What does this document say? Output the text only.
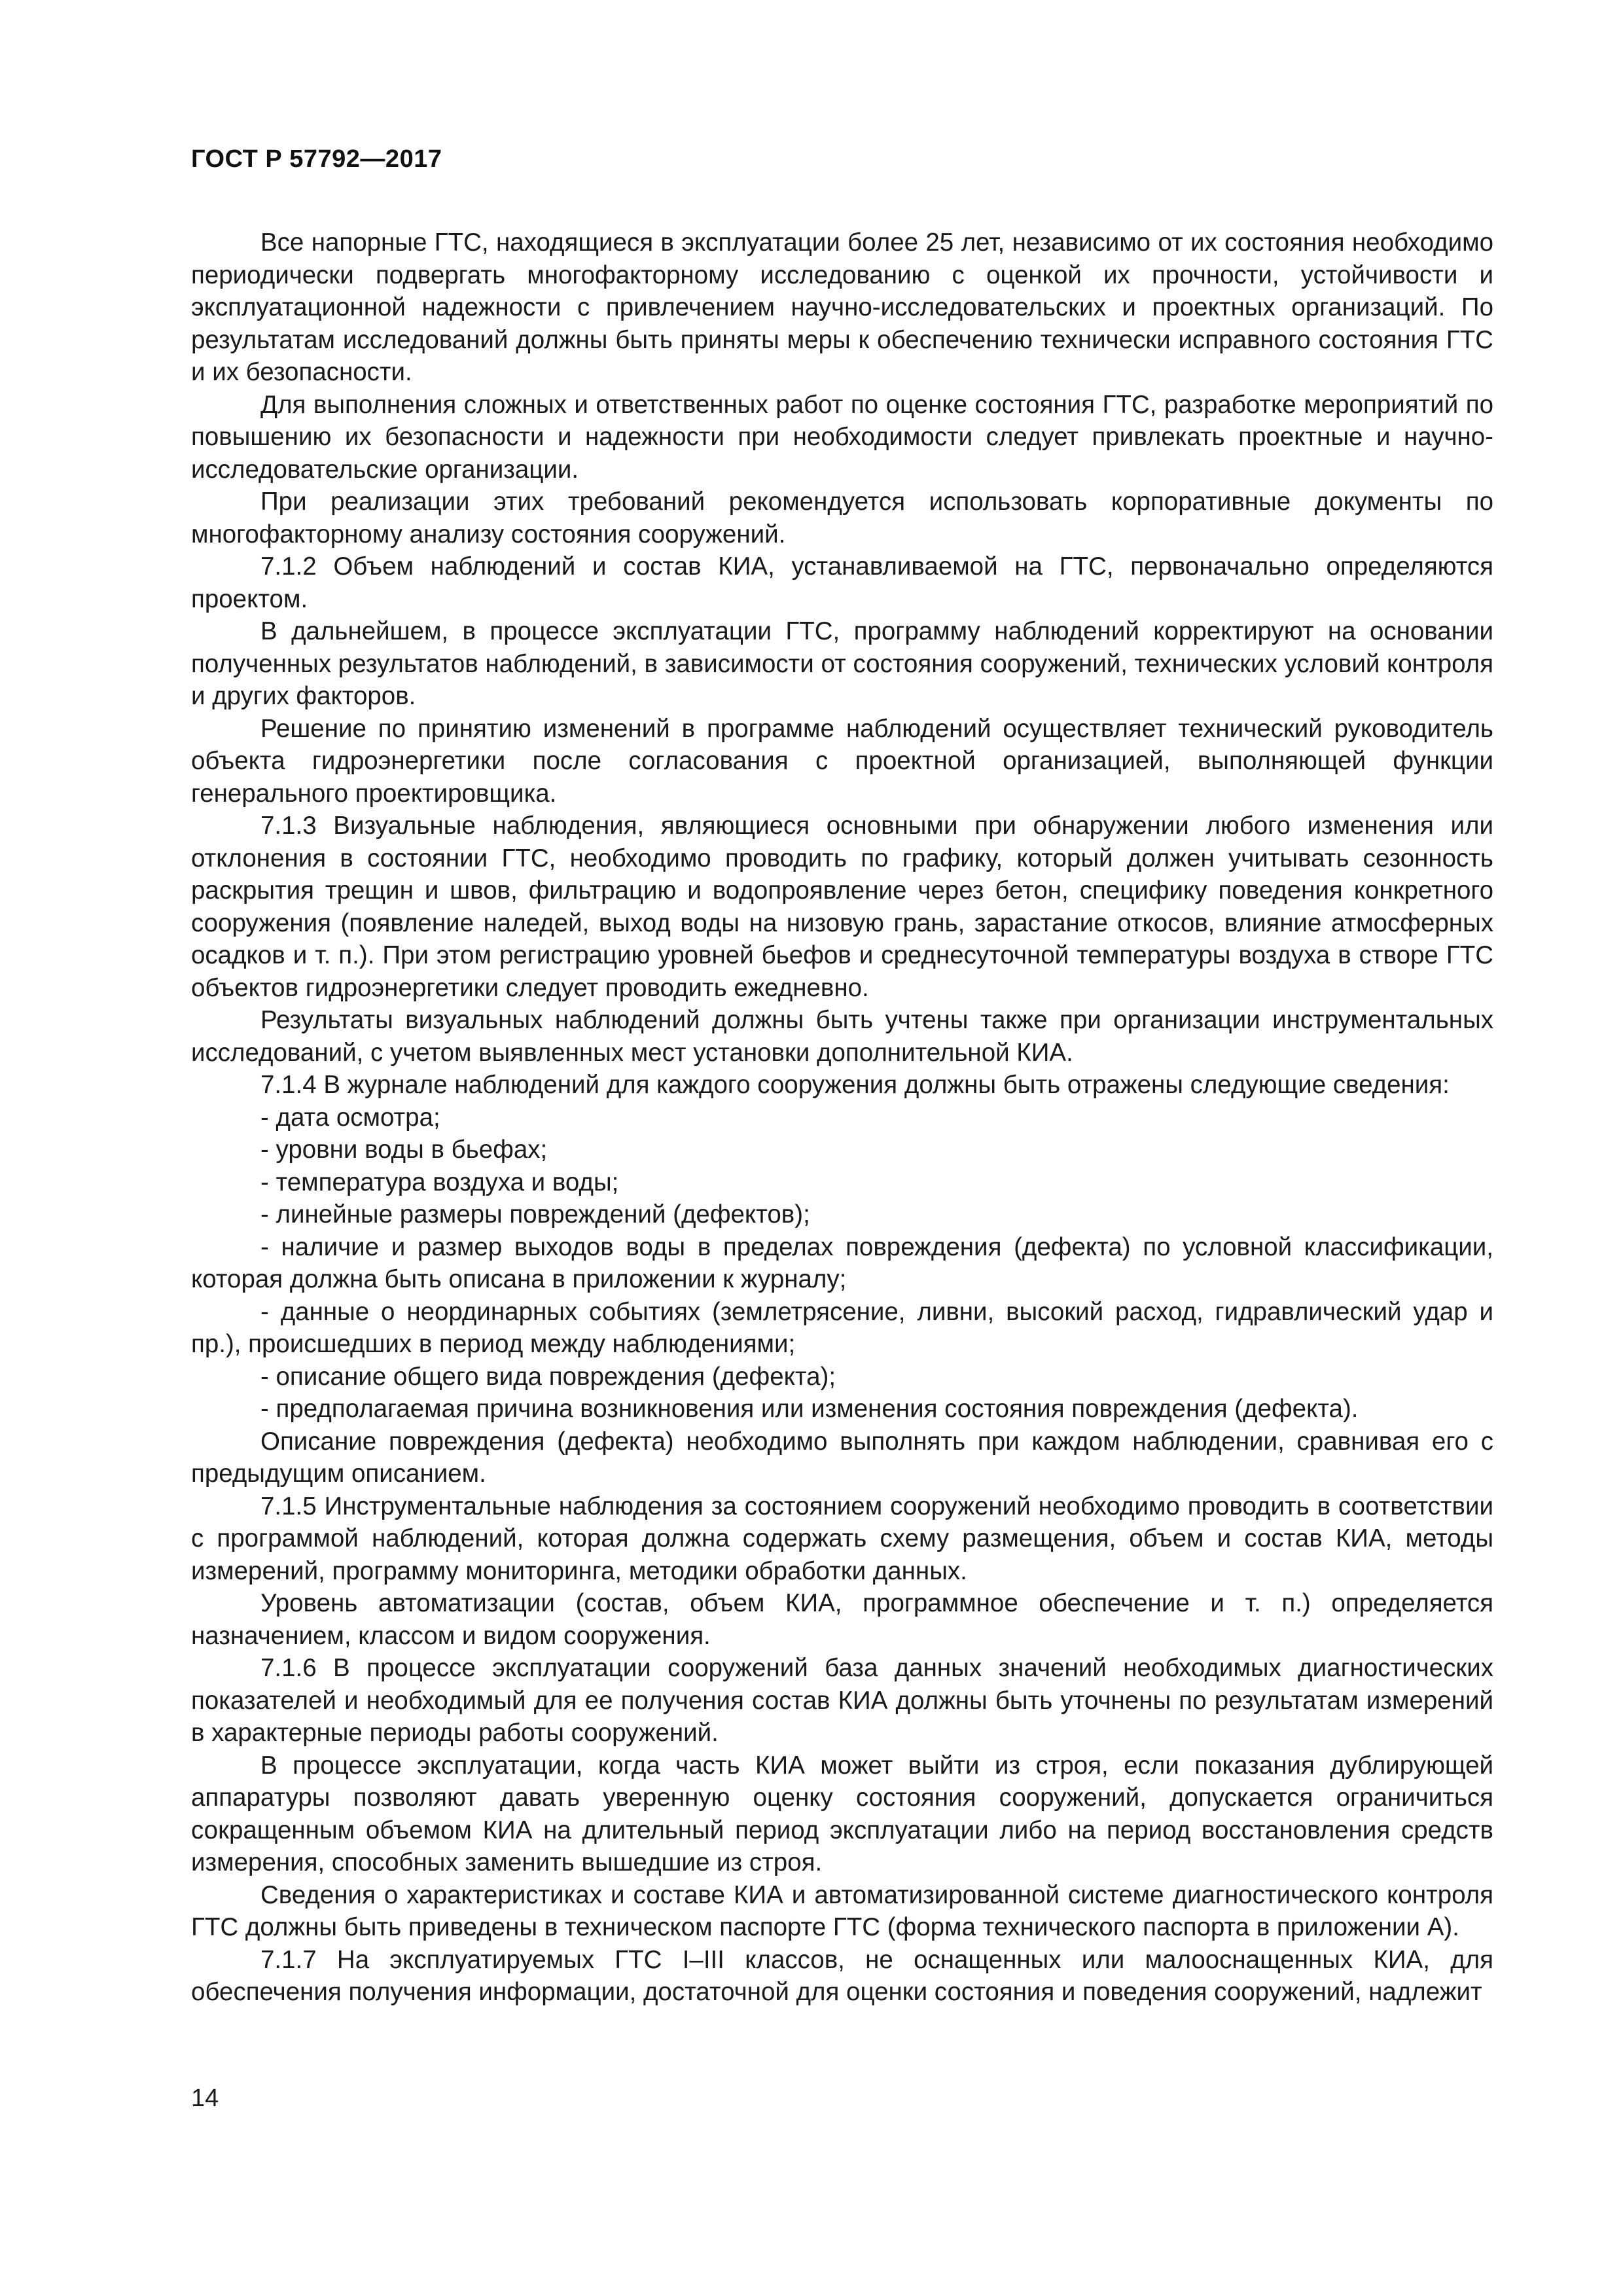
ГОСТ Р 57792—2017

Все напорные ГТС, находящиеся в эксплуатации более 25 лет, независимо от их состояния необходимо периодически подвергать многофакторному исследованию с оценкой их прочности, устойчивости и эксплуатационной надежности с привлечением научно-исследовательских и проектных организаций. По результатам исследований должны быть приняты меры к обеспечению технически исправного состояния ГТС и их безопасности.

Для выполнения сложных и ответственных работ по оценке состояния ГТС, разработке мероприятий по повышению их безопасности и надежности при необходимости следует привлекать проектные и научно-исследовательские организации.

При реализации этих требований рекомендуется использовать корпоративные документы по многофакторному анализу состояния сооружений.

7.1.2 Объем наблюдений и состав КИА, устанавливаемой на ГТС, первоначально определяются проектом.

В дальнейшем, в процессе эксплуатации ГТС, программу наблюдений корректируют на основании полученных результатов наблюдений, в зависимости от состояния сооружений, технических условий контроля и других факторов.

Решение по принятию изменений в программе наблюдений осуществляет технический руководитель объекта гидроэнергетики после согласования с проектной организацией, выполняющей функции генерального проектировщика.

7.1.3 Визуальные наблюдения, являющиеся основными при обнаружении любого изменения или отклонения в состоянии ГТС, необходимо проводить по графику, который должен учитывать сезонность раскрытия трещин и швов, фильтрацию и водопроявление через бетон, специфику поведения конкретного сооружения (появление наледей, выход воды на низовую грань, зарастание откосов, влияние атмосферных осадков и т. п.). При этом регистрацию уровней бьефов и среднесуточной температуры воздуха в створе ГТС объектов гидроэнергетики следует проводить ежедневно.

Результаты визуальных наблюдений должны быть учтены также при организации инструментальных исследований, с учетом выявленных мест установки дополнительной КИА.

7.1.4 В журнале наблюдений для каждого сооружения должны быть отражены следующие сведения:

- дата осмотра;

- уровни воды в бьефах;

- температура воздуха и воды;

- линейные размеры повреждений (дефектов);

- наличие и размер выходов воды в пределах повреждения (дефекта) по условной классификации, которая должна быть описана в приложении к журналу;

- данные о неординарных событиях (землетрясение, ливни, высокий расход, гидравлический удар и пр.), происшедших в период между наблюдениями;

- описание общего вида повреждения (дефекта);

- предполагаемая причина возникновения или изменения состояния повреждения (дефекта).

Описание повреждения (дефекта) необходимо выполнять при каждом наблюдении, сравнивая его с предыдущим описанием.

7.1.5 Инструментальные наблюдения за состоянием сооружений необходимо проводить в соответствии с программой наблюдений, которая должна содержать схему размещения, объем и состав КИА, методы измерений, программу мониторинга, методики обработки данных.

Уровень автоматизации (состав, объем КИА, программное обеспечение и т. п.) определяется назначением, классом и видом сооружения.

7.1.6 В процессе эксплуатации сооружений база данных значений необходимых диагностических показателей и необходимый для ее получения состав КИА должны быть уточнены по результатам измерений в характерные периоды работы сооружений.

В процессе эксплуатации, когда часть КИА может выйти из строя, если показания дублирующей аппаратуры позволяют давать уверенную оценку состояния сооружений, допускается ограничиться сокращенным объемом КИА на длительный период эксплуатации либо на период восстановления средств измерения, способных заменить вышедшие из строя.

Сведения о характеристиках и составе КИА и автоматизированной системе диагностического контроля ГТС должны быть приведены в техническом паспорте ГТС (форма технического паспорта в приложении А).

7.1.7 На эксплуатируемых ГТС I–III классов, не оснащенных или малооснащенных КИА, для обеспечения получения информации, достаточной для оценки состояния и поведения сооружений, надлежит

14
